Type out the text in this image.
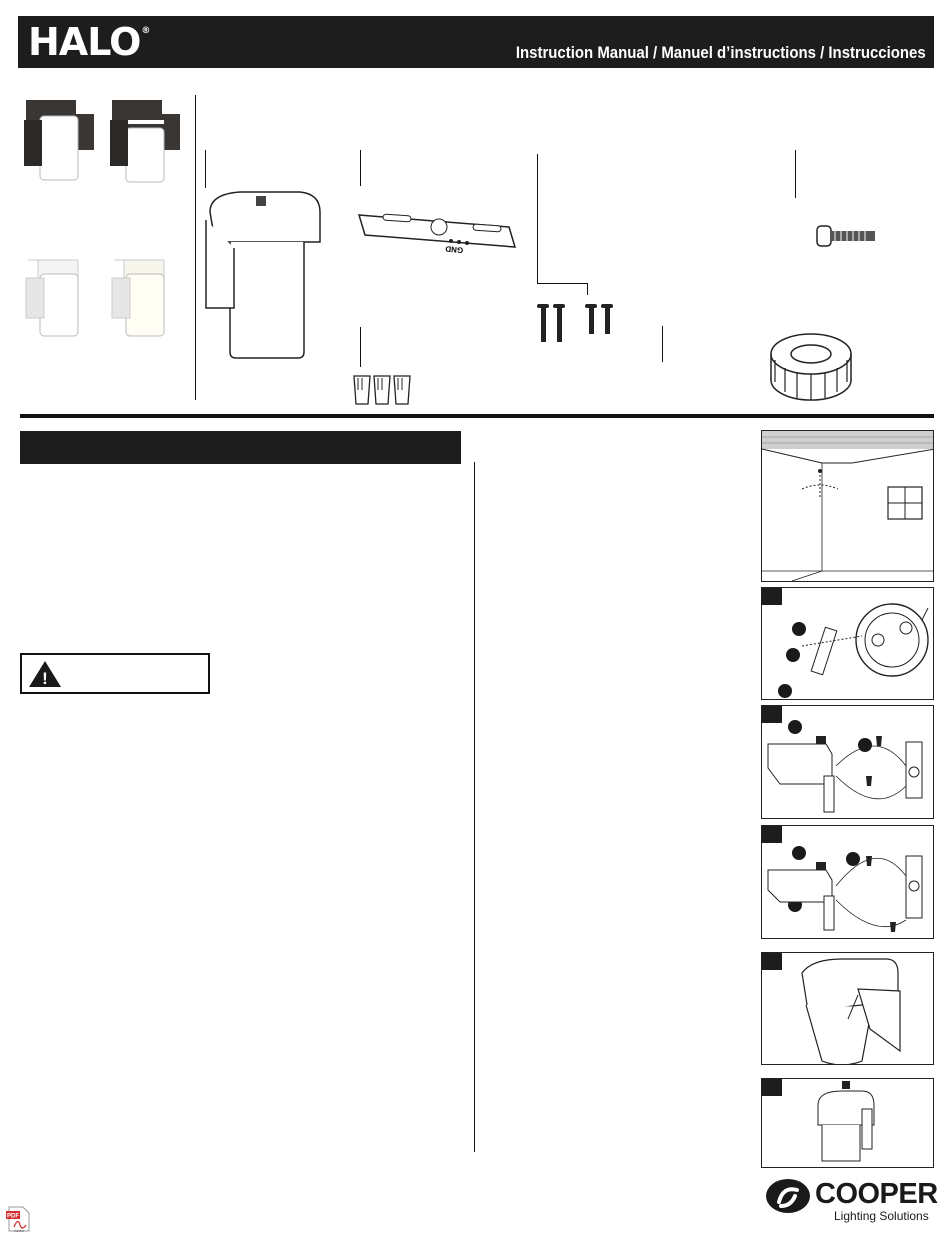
HALO®
Instruction Manual / Manuel d’instructions / Instrucciones
GND
!
PDF
Adobe
COOPER
Lighting Solutions
